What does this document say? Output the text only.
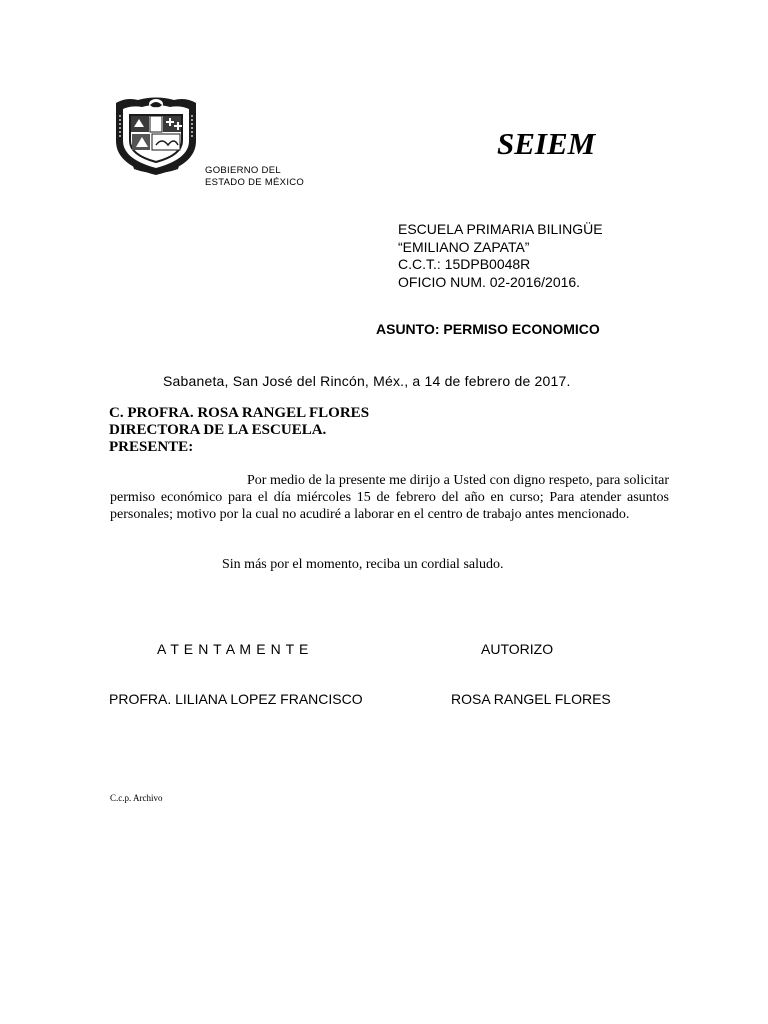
SEIEM
GOBIERNO DEL
ESTADO DE MÉXICO
ESCUELA PRIMARIA BILINGÜE
“EMILIANO ZAPATA”
C.C.T.: 15DPB0048R
OFICIO NUM. 02-2016/2016.
ASUNTO: PERMISO ECONOMICO
Sabaneta, San José del Rincón, Méx., a 14 de febrero de 2017.
C. PROFRA. ROSA RANGEL FLORES
DIRECTORA DE LA ESCUELA.
PRESENTE:
Por medio de la presente me dirijo a Usted con digno respeto, para solicitar permiso económico para el día miércoles 15 de febrero del año en curso; Para atender asuntos personales; motivo por la cual no acudiré a laborar en el centro de trabajo antes mencionado.
Sin más por el momento, reciba un cordial saludo.
A T E N T A M E N T E	AUTORIZO
PROFRA. LILIANA LOPEZ FRANCISCO	ROSA RANGEL FLORES
C.c.p. Archivo
